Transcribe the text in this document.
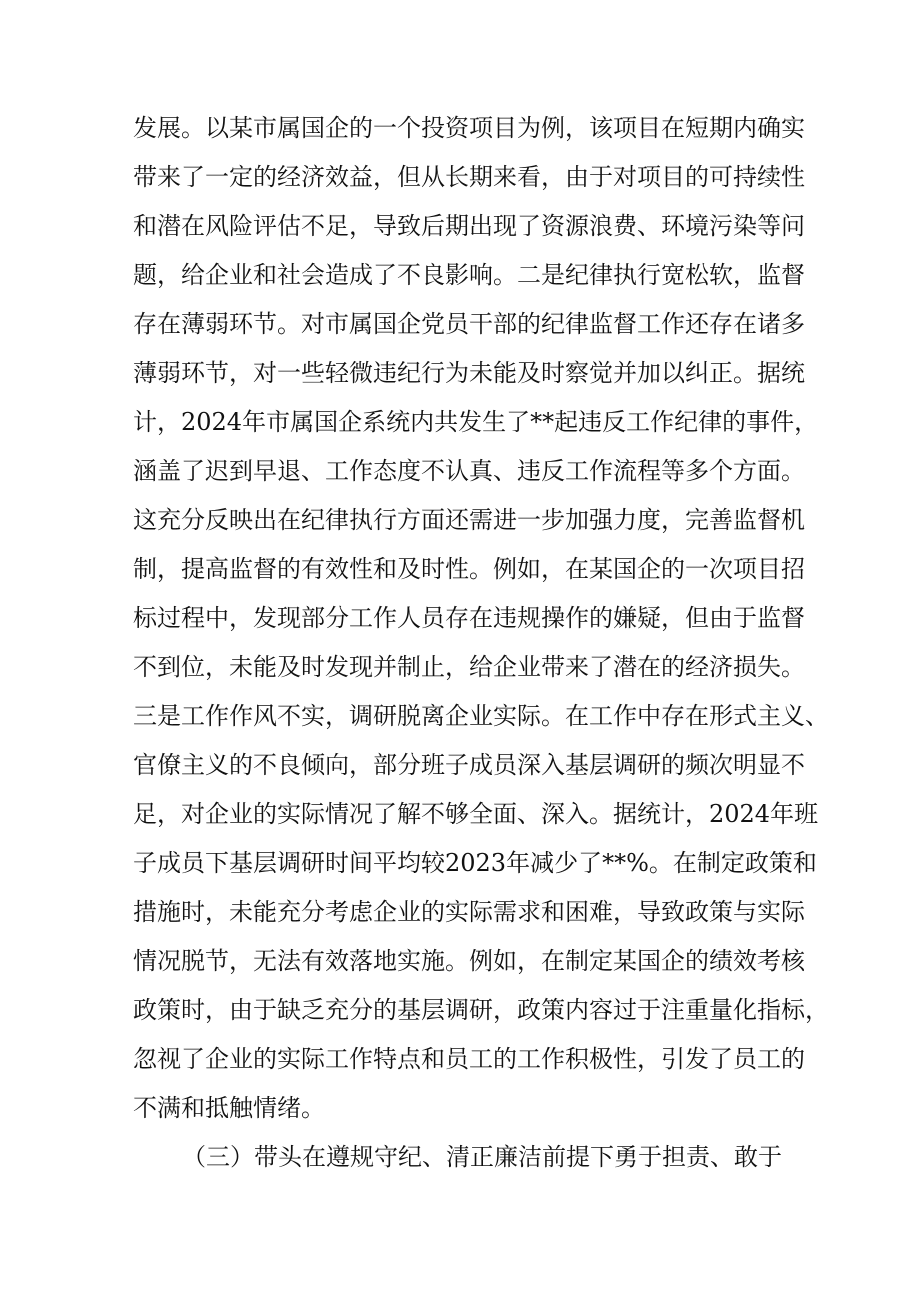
发展。以某市属国企的一个投资项目为例，该项目在短期内确实
带来了一定的经济效益，但从长期来看，由于对项目的可持续性
和潜在风险评估不足，导致后期出现了资源浪费、环境污染等问
题，给企业和社会造成了不良影响。二是纪律执行宽松软，监督
存在薄弱环节。对市属国企党员干部的纪律监督工作还存在诸多
薄弱环节，对一些轻微违纪行为未能及时察觉并加以纠正。据统
计，2024年市属国企系统内共发生了**起违反工作纪律的事件，
涵盖了迟到早退、工作态度不认真、违反工作流程等多个方面。
这充分反映出在纪律执行方面还需进一步加强力度，完善监督机
制，提高监督的有效性和及时性。例如，在某国企的一次项目招
标过程中，发现部分工作人员存在违规操作的嫌疑，但由于监督
不到位，未能及时发现并制止，给企业带来了潜在的经济损失。
三是工作作风不实，调研脱离企业实际。在工作中存在形式主义、
官僚主义的不良倾向，部分班子成员深入基层调研的频次明显不
足，对企业的实际情况了解不够全面、深入。据统计，2024年班
子成员下基层调研时间平均较2023年减少了**%。在制定政策和
措施时，未能充分考虑企业的实际需求和困难，导致政策与实际
情况脱节，无法有效落地实施。例如，在制定某国企的绩效考核
政策时，由于缺乏充分的基层调研，政策内容过于注重量化指标，
忽视了企业的实际工作特点和员工的工作积极性，引发了员工的
不满和抵触情绪。
（三）带头在遵规守纪、清正廉洁前提下勇于担责、敢于
